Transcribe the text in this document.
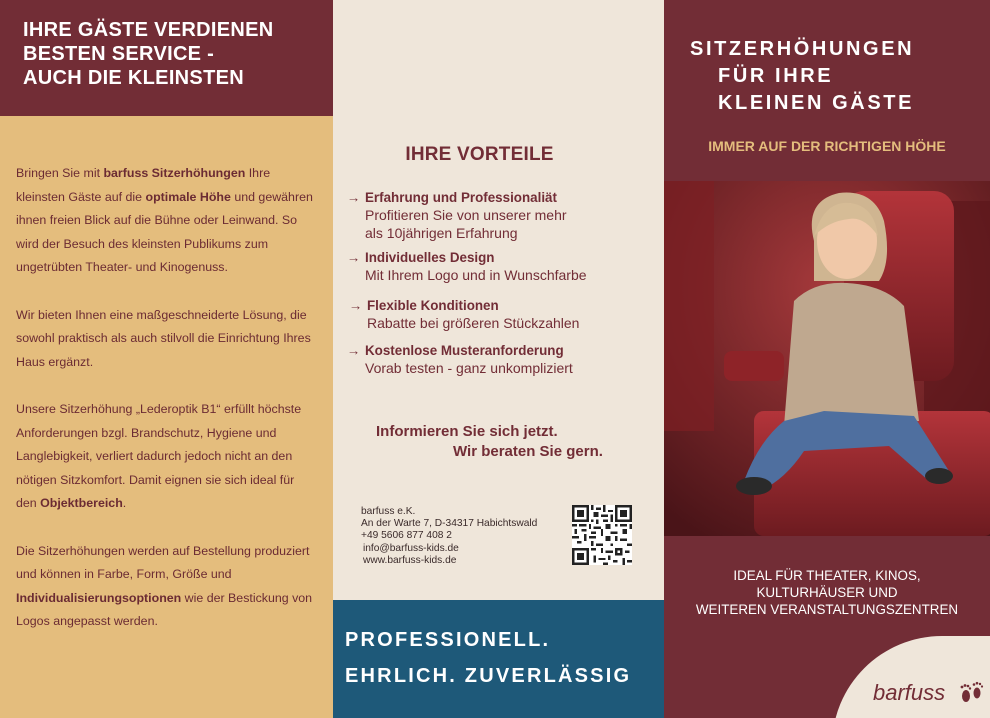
IHRE GÄSTE VERDIENEN
BESTEN SERVICE -
AUCH DIE KLEINSTEN

Bringen Sie mit barfuss Sitzerhöhungen Ihre kleinsten Gäste auf die optimale Höhe und gewähren ihnen freien Blick auf die Bühne oder Leinwand. So wird der Besuch des kleinsten Publikums zum ungetrübten Theater- und Kinogenuss.

Wir bieten Ihnen eine maßgeschneiderte Lösung, die sowohl praktisch als auch stilvoll die Einrichtung Ihres Haus ergänzt.

Unsere Sitzerhöhung „Lederoptik B1“ erfüllt höchste Anforderungen bzgl. Brandschutz, Hygiene und Langlebigkeit, verliert dadurch jedoch nicht an den nötigen Sitzkomfort. Damit eignen sie sich ideal für den Objektbereich.

Die Sitzerhöhungen werden auf Bestellung produziert und können in Farbe, Form, Größe und Individualisierungsoptionen wie der Bestickung von Logos angepasst werden.

IHRE VORTEILE
→ Erfahrung und Professionaliät
Profitieren Sie von unserer mehr
als 10jährigen Erfahrung
→ Individuelles Design
Mit Ihrem Logo und in Wunschfarbe
→ Flexible Konditionen
Rabatte bei größeren Stückzahlen
→ Kostenlose Musteranforderung
Vorab testen - ganz unkompliziert
Informieren Sie sich jetzt.
Wir beraten Sie gern.
barfuss e.K.
An der Warte 7, D-34317 Habichtswald
+49 5606 877 408 2
info@barfuss-kids.de
www.barfuss-kids.de
PROFESSIONELL.
EHRLICH. ZUVERLÄSSIG
SITZERHÖHUNGEN
FÜR IHRE
KLEINEN GÄSTE
IMMER AUF DER RICHTIGEN HÖHE
IDEAL FÜR THEATER, KINOS,
KULTURHÄUSER UND
WEITEREN VERANSTALTUNGSZENTREN
barfuss
